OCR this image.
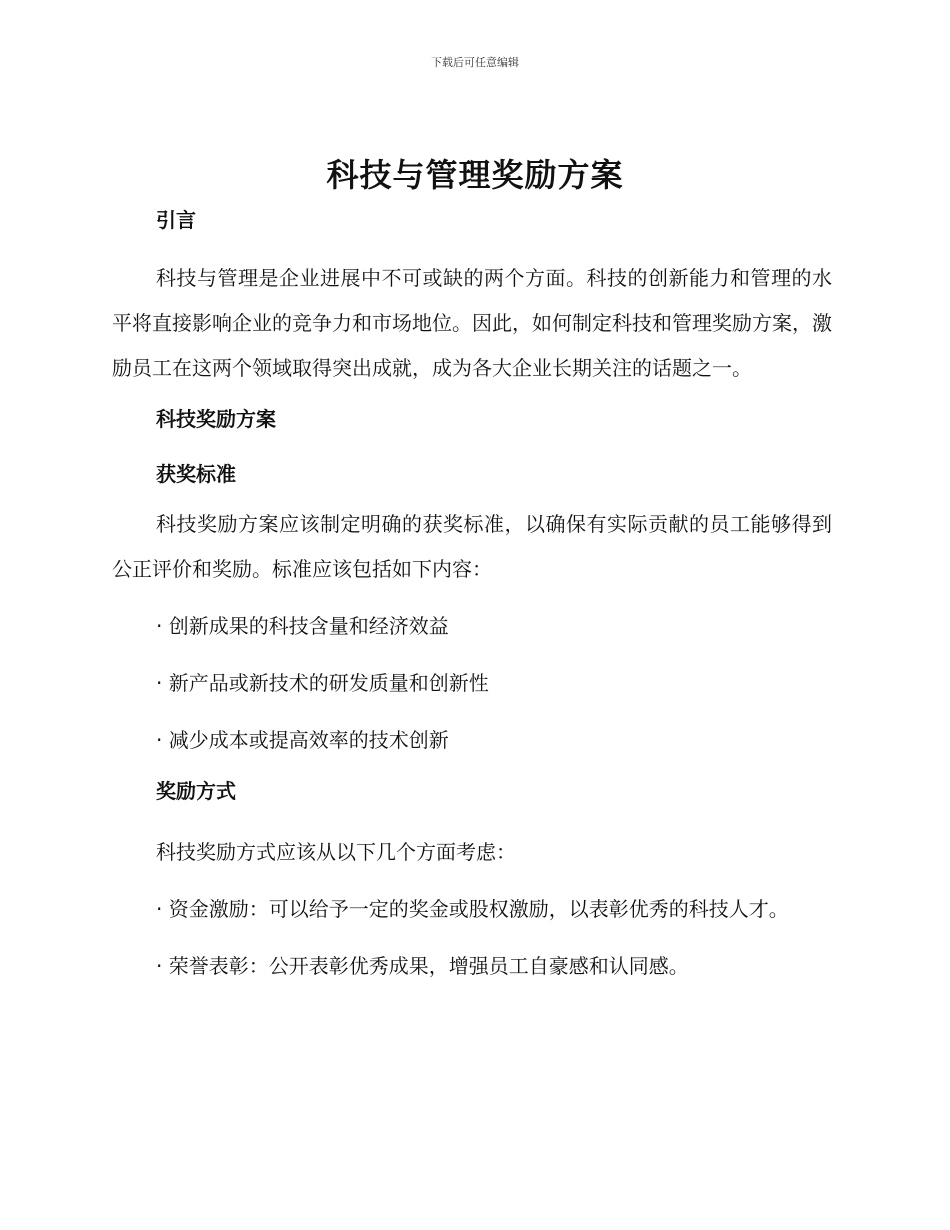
下载后可任意编辑
科技与管理奖励方案

引言

科技与管理是企业进展中不可或缺的两个方面。科技的创新能力和管理的水平将直接影响企业的竞争力和市场地位。因此，如何制定科技和管理奖励方案，激励员工在这两个领域取得突出成就，成为各大企业长期关注的话题之一。

科技奖励方案

获奖标准

科技奖励方案应该制定明确的获奖标准，以确保有实际贡献的员工能够得到公正评价和奖励。标准应该包括如下内容：

· 创新成果的科技含量和经济效益

· 新产品或新技术的研发质量和创新性

· 减少成本或提高效率的技术创新

奖励方式

科技奖励方式应该从以下几个方面考虑：

· 资金激励：可以给予一定的奖金或股权激励，以表彰优秀的科技人才。

· 荣誉表彰：公开表彰优秀成果，增强员工自豪感和认同感。
